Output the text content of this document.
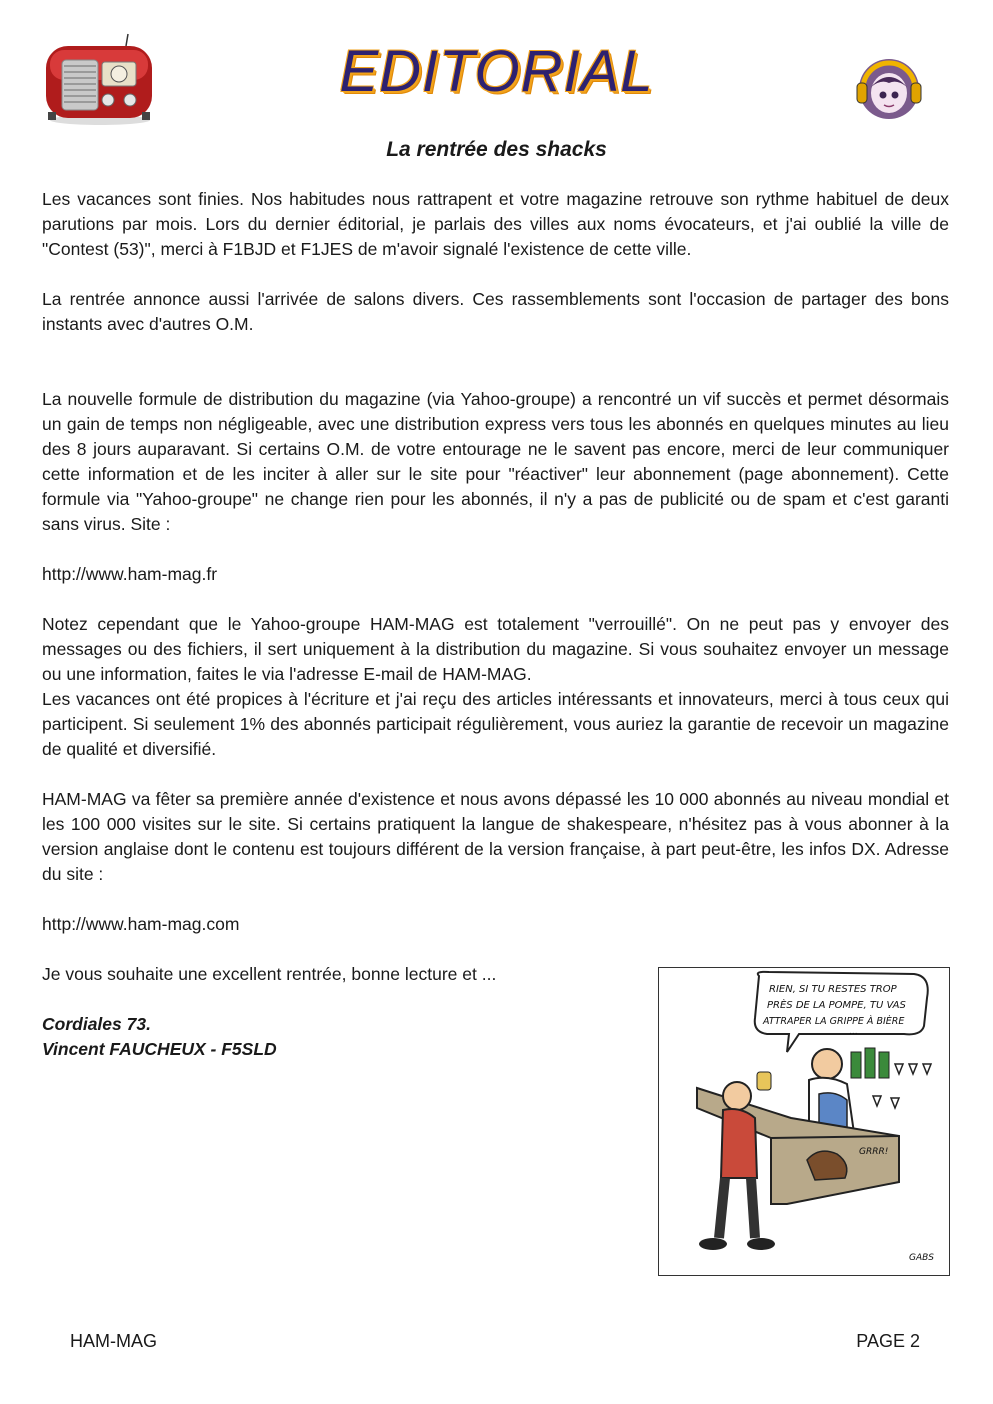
EDITORIAL
La rentrée des shacks

Les vacances sont finies. Nos habitudes nous rattrapent et votre magazine retrouve son rythme habituel de deux parutions par mois. Lors du dernier éditorial, je parlais des villes aux noms évocateurs, et j'ai oublié la ville de "Contest (53)", merci à F1BJD et F1JES de m'avoir signalé l'existence de cette ville.

La rentrée annonce aussi l'arrivée de salons divers. Ces rassemblements sont l'occasion de partager des bons instants avec d'autres O.M.

La nouvelle formule de distribution du magazine (via Yahoo-groupe) a rencontré un vif succès et permet désormais un gain de temps non négligeable, avec une distribution express vers tous les abonnés en quelques minutes au lieu des 8 jours auparavant. Si certains O.M. de votre entourage ne le savent pas encore, merci de leur communiquer cette information et de les inciter à aller sur le site pour "réactiver" leur abonnement (page abonnement). Cette formule via "Yahoo-groupe" ne change rien pour les abonnés, il n'y a pas de publicité ou de spam et c'est garanti sans virus. Site :

http://www.ham-mag.fr

Notez cependant que le Yahoo-groupe HAM-MAG est totalement "verrouillé". On ne peut pas y envoyer des messages ou des fichiers, il sert uniquement à la distribution du magazine. Si vous souhaitez envoyer un message ou une information, faites le via l'adresse E-mail de HAM-MAG.

Les vacances ont été propices à l'écriture et j'ai reçu des articles intéressants et innovateurs, merci à tous ceux qui participent. Si seulement 1% des abonnés participait régulièrement, vous auriez la garantie de recevoir un magazine de qualité et diversifié.

HAM-MAG va fêter sa première année d'existence et nous avons dépassé les 10 000 abonnés au niveau mondial et les 100 000 visites sur le site. Si certains pratiquent la langue de shakespeare, n'hésitez pas à vous abonner à la version anglaise dont le contenu est toujours différent de la version française, à part peut-être, les infos DX. Adresse du site :

http://www.ham-mag.com

Je vous souhaite une excellent rentrée, bonne lecture et ...

Cordiales 73.

Vincent FAUCHEUX - F5SLD

RIEN, SI TU RESTES TROP
PRÈS DE LA POMPE, TU VAS
ATTRAPER LA GRIPPE À BIÈRE
...
GRRR!
GABS
HAM-MAG	PAGE 2
